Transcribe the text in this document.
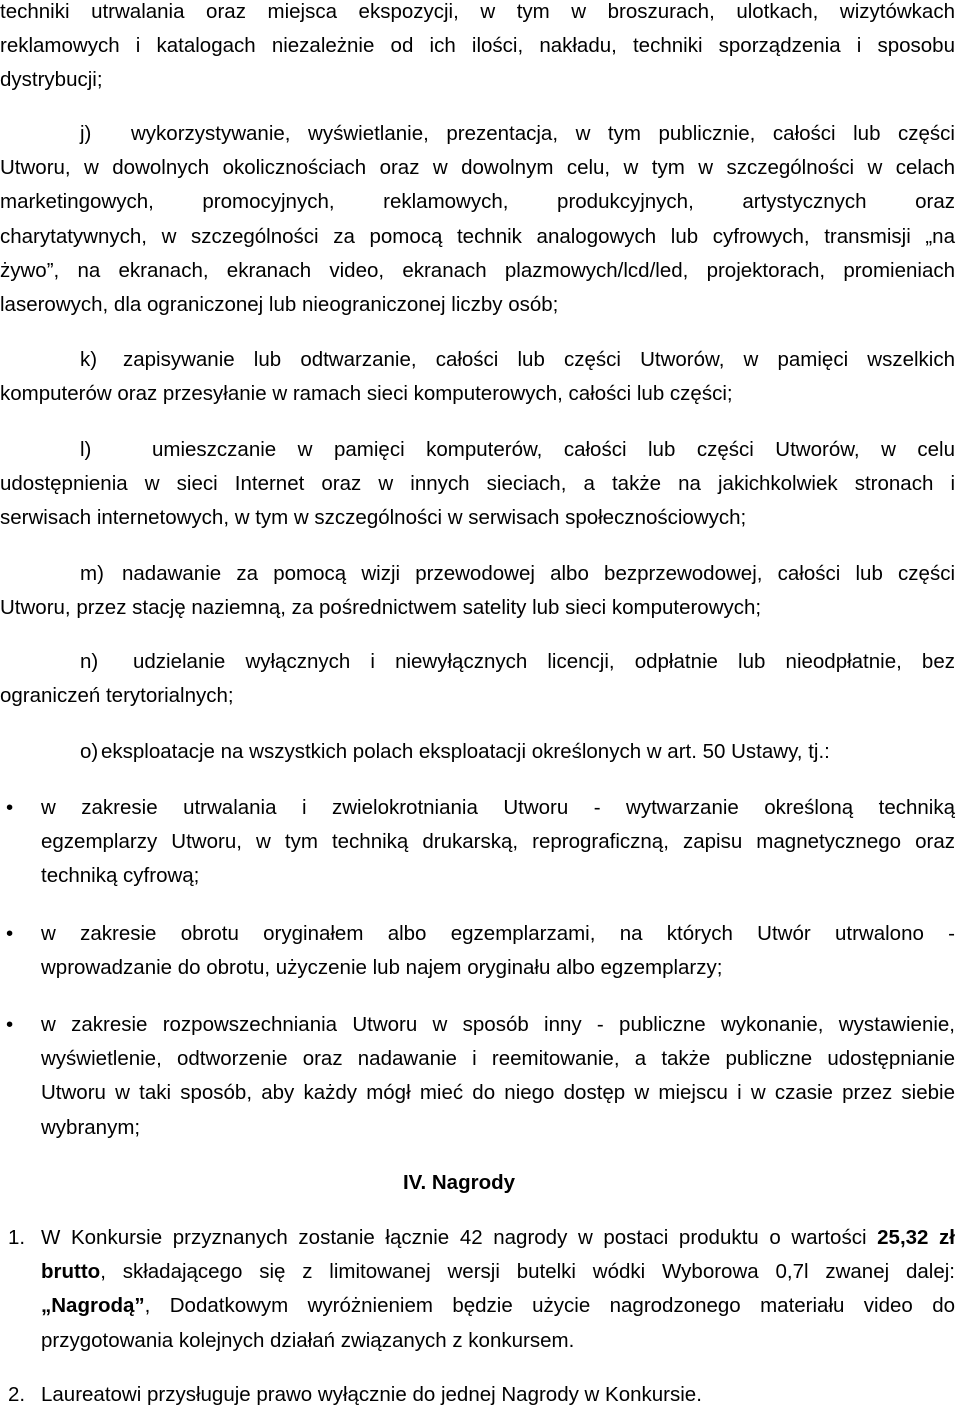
techniki utrwalania oraz miejsca ekspozycji, w tym w broszurach, ulotkach, wizytówkach
reklamowych i katalogach niezależnie od ich ilości, nakładu, techniki sporządzenia i sposobu
dystrybucji;
j)	wykorzystywanie, wyświetlanie, prezentacja, w tym publicznie, całości lub części
Utworu, w dowolnych okolicznościach oraz w dowolnym celu, w tym w szczególności w celach
marketingowych, promocyjnych, reklamowych, produkcyjnych, artystycznych oraz
charytatywnych, w szczególności za pomocą technik analogowych lub cyfrowych, transmisji „na
żywo”, na ekranach, ekranach video, ekranach plazmowych/lcd/led, projektorach, promieniach
laserowych, dla ograniczonej lub nieograniczonej liczby osób;
k)	zapisywanie lub odtwarzanie, całości lub części Utworów, w pamięci wszelkich
komputerów oraz przesyłanie w ramach sieci komputerowych, całości lub części;
l)	umieszczanie w pamięci komputerów, całości lub części Utworów, w celu
udostępnienia w sieci Internet oraz w innych sieciach, a także na jakichkolwiek stronach i
serwisach internetowych, w tym w szczególności w serwisach społecznościowych;
m) nadawanie za pomocą wizji przewodowej albo bezprzewodowej, całości lub części
Utworu, przez stację naziemną, za pośrednictwem satelity lub sieci komputerowych;
n)	udzielanie wyłącznych i niewyłącznych licencji, odpłatnie lub nieodpłatnie, bez
ograniczeń terytorialnych;
o) eksploatacje na wszystkich polach eksploatacji określonych w art. 50 Ustawy, tj.:

• w zakresie utrwalania i zwielokrotniania Utworu - wytwarzanie określoną techniką
egzemplarzy Utworu, w tym techniką drukarską, reprograficzną, zapisu magnetycznego oraz
techniką cyfrową;
• w zakresie obrotu oryginałem albo egzemplarzami, na których Utwór utrwalono -
wprowadzanie do obrotu, użyczenie lub najem oryginału albo egzemplarzy;
• w zakresie rozpowszechniania Utworu w sposób inny - publiczne wykonanie, wystawienie,
wyświetlenie, odtworzenie oraz nadawanie i reemitowanie, a także publiczne udostępnianie
Utworu w taki sposób, aby każdy mógł mieć do niego dostęp w miejscu i w czasie przez siebie
wybranym;
IV. Nagrody
1. W Konkursie przyznanych zostanie łącznie 42 nagrody w postaci produktu o wartości 25,32 zł
brutto, składającego się z limitowanej wersji butelki wódki Wyborowa 0,7l zwanej dalej:
„Nagrodą”, Dodatkowym wyróżnieniem będzie użycie nagrodzonego materiału video do
przygotowania kolejnych działań związanych z konkursem.
2. Laureatowi przysługuje prawo wyłącznie do jednej Nagrody w Konkursie.
